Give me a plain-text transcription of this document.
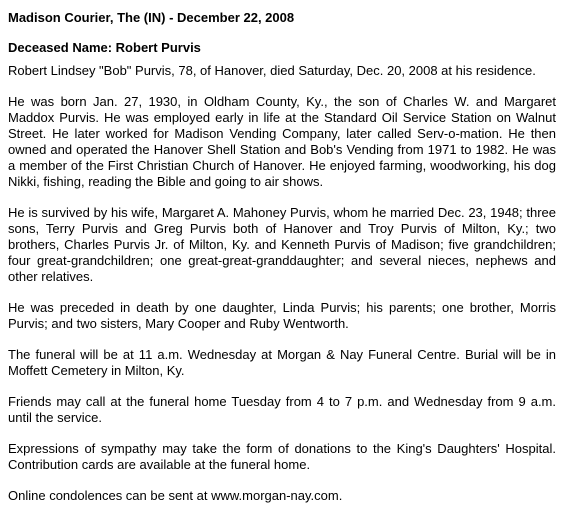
Madison Courier, The (IN) - December 22, 2008
Deceased Name: Robert Purvis

Robert Lindsey "Bob" Purvis, 78, of Hanover, died Saturday, Dec. 20, 2008 at his residence.

He was born Jan. 27, 1930, in Oldham County, Ky., the son of Charles W. and Margaret Maddox Purvis. He was employed early in life at the Standard Oil Service Station on Walnut Street. He later worked for Madison Vending Company, later called Serv-o-mation. He then owned and operated the Hanover Shell Station and Bob's Vending from 1971 to 1982. He was a member of the First Christian Church of Hanover. He enjoyed farming, woodworking, his dog Nikki, fishing, reading the Bible and going to air shows.

He is survived by his wife, Margaret A. Mahoney Purvis, whom he married Dec. 23, 1948; three sons, Terry Purvis and Greg Purvis both of Hanover and Troy Purvis of Milton, Ky.; two brothers, Charles Purvis Jr. of Milton, Ky. and Kenneth Purvis of Madison; five grandchildren; four great-grandchildren; one great-great-granddaughter; and several nieces, nephews and other relatives.

He was preceded in death by one daughter, Linda Purvis; his parents; one brother, Morris Purvis; and two sisters, Mary Cooper and Ruby Wentworth.

The funeral will be at 11 a.m. Wednesday at Morgan & Nay Funeral Centre. Burial will be in Moffett Cemetery in Milton, Ky.

Friends may call at the funeral home Tuesday from 4 to 7 p.m. and Wednesday from 9 a.m. until the service.

Expressions of sympathy may take the form of donations to the King's Daughters' Hospital. Contribution cards are available at the funeral home.

Online condolences can be sent at www.morgan-nay.com.
